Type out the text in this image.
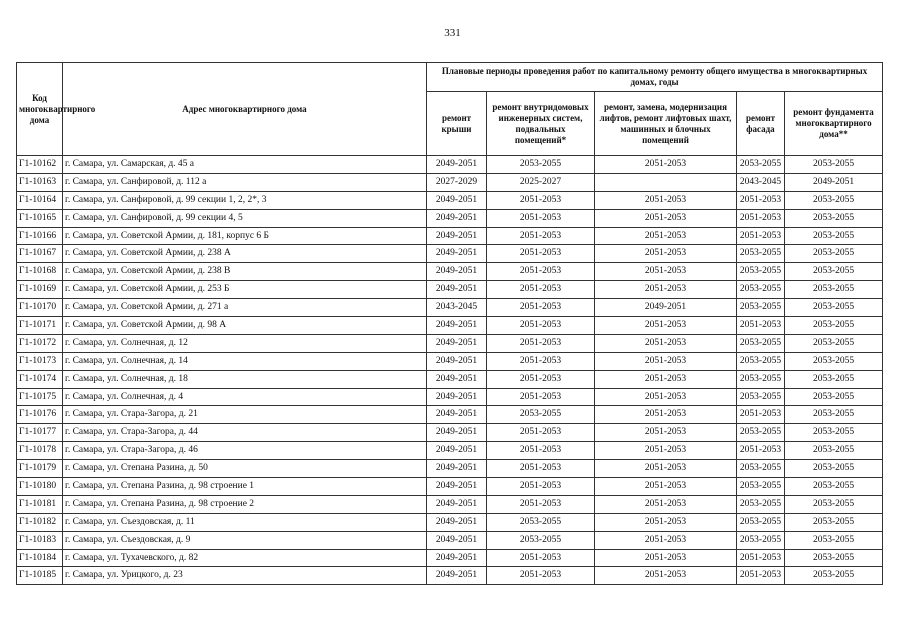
331
Код многоквартирного дома	Адрес многоквартирного дома	Плановые периоды проведения работ по капитальному ремонту общего имущества в многоквартирных домах, годы				
		ремонт крыши	ремонт внутридомовых инженерных систем, подвальных помещений*	ремонт, замена, модернизация лифтов, ремонт лифтовых шахт, машинных и блочных помещений	ремонт фасада	ремонт фундамента многоквартирного дома**
Г1-10162	г. Самара, ул. Самарская, д. 45 а	2049-2051	2053-2055	2051-2053	2053-2055	2053-2055
Г1-10163	г. Самара, ул. Санфировой, д. 112 а	2027-2029	2025-2027		2043-2045	2049-2051
Г1-10164	г. Самара, ул. Санфировой, д. 99 секции 1, 2, 2*, 3	2049-2051	2051-2053	2051-2053	2051-2053	2053-2055
Г1-10165	г. Самара, ул. Санфировой, д. 99 секции 4, 5	2049-2051	2051-2053	2051-2053	2051-2053	2053-2055
Г1-10166	г. Самара, ул. Советской Армии, д. 181, корпус 6 Б	2049-2051	2051-2053	2051-2053	2051-2053	2053-2055
Г1-10167	г. Самара, ул. Советской Армии, д. 238 А	2049-2051	2051-2053	2051-2053	2053-2055	2053-2055
Г1-10168	г. Самара, ул. Советской Армии, д. 238 В	2049-2051	2051-2053	2051-2053	2053-2055	2053-2055
Г1-10169	г. Самара, ул. Советской Армии, д. 253 Б	2049-2051	2051-2053	2051-2053	2053-2055	2053-2055
Г1-10170	г. Самара, ул. Советской Армии, д. 271 а	2043-2045	2051-2053	2049-2051	2053-2055	2053-2055
Г1-10171	г. Самара, ул. Советской Армии, д. 98 А	2049-2051	2051-2053	2051-2053	2051-2053	2053-2055
Г1-10172	г. Самара, ул. Солнечная, д. 12	2049-2051	2051-2053	2051-2053	2053-2055	2053-2055
Г1-10173	г. Самара, ул. Солнечная, д. 14	2049-2051	2051-2053	2051-2053	2053-2055	2053-2055
Г1-10174	г. Самара, ул. Солнечная, д. 18	2049-2051	2051-2053	2051-2053	2053-2055	2053-2055
Г1-10175	г. Самара, ул. Солнечная, д. 4	2049-2051	2051-2053	2051-2053	2053-2055	2053-2055
Г1-10176	г. Самара, ул. Стара-Загора, д. 21	2049-2051	2053-2055	2051-2053	2051-2053	2053-2055
Г1-10177	г. Самара, ул. Стара-Загора, д. 44	2049-2051	2051-2053	2051-2053	2053-2055	2053-2055
Г1-10178	г. Самара, ул. Стара-Загора, д. 46	2049-2051	2051-2053	2051-2053	2051-2053	2053-2055
Г1-10179	г. Самара, ул. Степана Разина, д. 50	2049-2051	2051-2053	2051-2053	2053-2055	2053-2055
Г1-10180	г. Самара, ул. Степана Разина, д. 98 строение 1	2049-2051	2051-2053	2051-2053	2053-2055	2053-2055
Г1-10181	г. Самара, ул. Степана Разина, д. 98 строение 2	2049-2051	2051-2053	2051-2053	2053-2055	2053-2055
Г1-10182	г. Самара, ул. Съездовская, д. 11	2049-2051	2053-2055	2051-2053	2053-2055	2053-2055
Г1-10183	г. Самара, ул. Съездовская, д. 9	2049-2051	2053-2055	2051-2053	2053-2055	2053-2055
Г1-10184	г. Самара, ул. Тухачевского, д. 82	2049-2051	2051-2053	2051-2053	2051-2053	2053-2055
Г1-10185	г. Самара, ул. Урицкого, д. 23	2049-2051	2051-2053	2051-2053	2051-2053	2053-2055
